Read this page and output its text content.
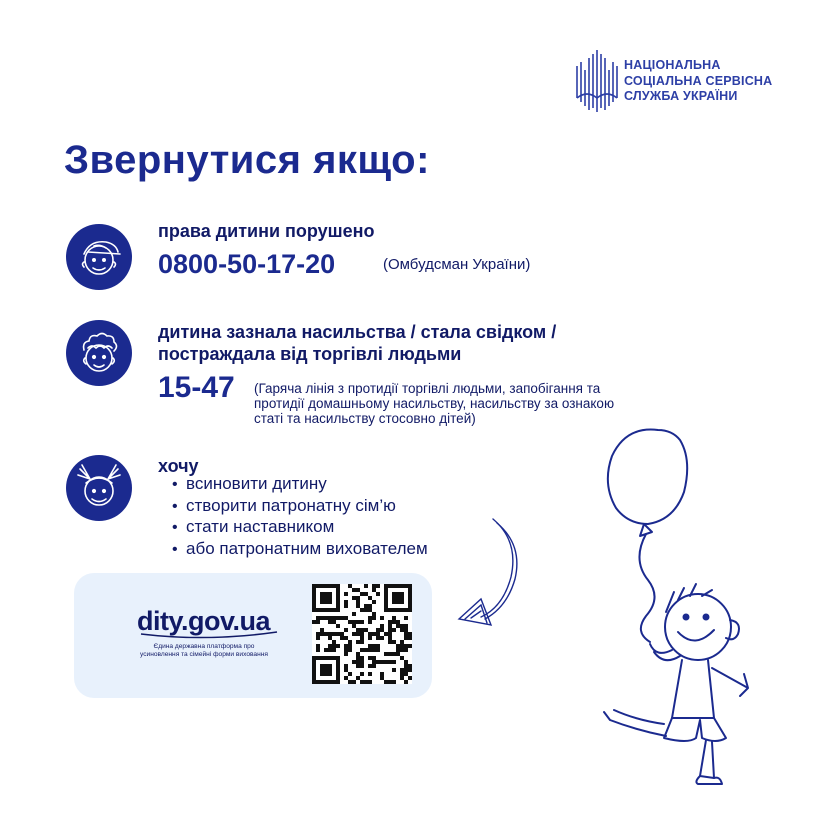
НАЦІОНАЛЬНА
СОЦІАЛЬНА СЕРВІСНА
СЛУЖБА УКРАЇНИ
Звернутися якщо:
права дитини порушено
0800-50-17-20	(Омбудсман України)
дитина зазнала насильства / стала свідком /
постраждала від торгівлі людьми
15-47 (Гаряча лінія з протидії торгівлі людьми, запобігання та
протидії домашньому насильству, насильству за ознакою
статі та насильству стосовно дітей)
хочу
• всиновити дитину
• створити патронатну сім’ю
• стати наставником
• або патронатним вихователем
dity.gov.ua
Єдина державна платформа про
усиновлення та сімейні форми виховання
